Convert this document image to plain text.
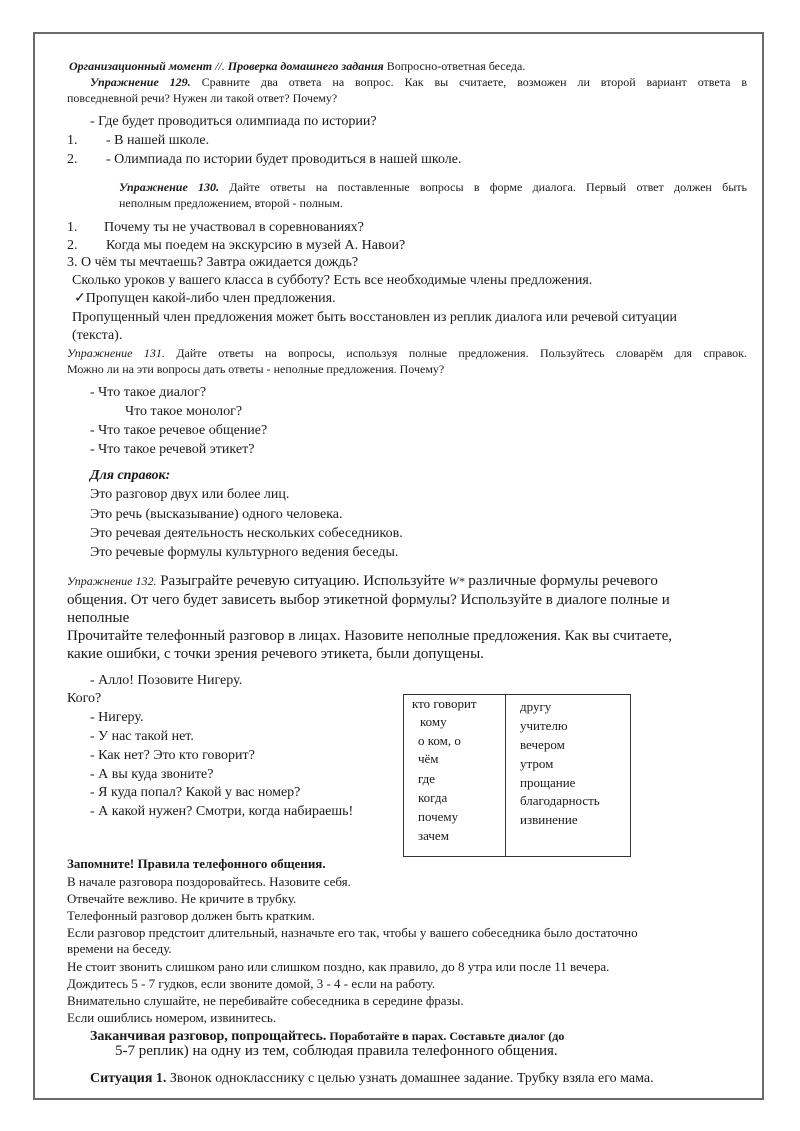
Организационный момент //. Проверка домашнего задания Вопросно-ответная беседа.
Упражнение 129. Сравните два ответа на вопрос. Как вы считаете, возможен ли второй вариант ответа в
повседневной речи? Нужен ли такой ответ? Почему?
- Где будет проводиться олимпиада по истории?
1. - В нашей школе.
2. - Олимпиада по истории будет проводиться в нашей школе.
Упражнение 130. Дайте ответы на поставленные вопросы в форме диалога. Первый ответ должен быть
неполным предложением, второй - полным.
1. Почему ты не участвовал в соревнованиях?
2. Когда мы поедем на экскурсию в музей А. Навои?
3. О чём ты мечтаешь? Завтра ожидается дождь?
Сколько уроков у вашего класса в субботу? Есть все необходимые члены предложения.
✓Пропущен какой-либо член предложения.
Пропущенный член предложения может быть восстановлен из реплик диалога или речевой ситуации
(текста).
Упражнение 131. Дайте ответы на вопросы, используя полные предложения. Пользуйтесь словарём для справок.
Можно ли на эти вопросы дать ответы - неполные предложения. Почему?
- Что такое диалог?
Что такое монолог?
- Что такое речевое общение?
- Что такое речевой этикет?
Для справок:
Это разговор двух или более лиц.
Это речь (высказывание) одного человека.
Это речевая деятельность нескольких собеседников.
Это речевые формулы культурного ведения беседы.
Упражнение 132. Разыграйте речевую ситуацию. Используйте W* различные формулы речевого
общения. От чего будет зависеть выбор этикетной формулы? Используйте в диалоге полные и
неполные
Прочитайте телефонный разговор в лицах. Назовите неполные предложения. Как вы считаете,
какие ошибки, с точки зрения речевого этикета, были допущены.
- Алло! Позовите Нигеру.
Кого?
- Нигеру.
- У нас такой нет.
- Как нет? Это кто говорит?
- А вы куда звоните?
- Я куда попал? Какой у вас номер?
- А какой нужен? Смотри, когда набираешь!
кто говорит
кому
о ком, о
чём
где
когда
почему
зачем
другу
учителю
вечером
утром
прощание
благодарность
извинение
Запомните! Правила телефонного общения.
В начале разговора поздоровайтесь. Назовите себя.
Отвечайте вежливо. Не кричите в трубку.
Телефонный разговор должен быть кратким.
Если разговор предстоит длительный, назначьте его так, чтобы у вашего собеседника было достаточно
времени на беседу.
Не стоит звонить слишком рано или слишком поздно, как правило, до 8 утра или после 11 вечера.
Дождитесь 5 - 7 гудков, если звоните домой, 3 - 4 - если на работу.
Внимательно слушайте, не перебивайте собеседника в середине фразы.
Если ошиблись номером, извинитесь.
Заканчивая разговор, попрощайтесь. Поработайте в парах. Составьте диалог (до
5-7 реплик) на одну из тем, соблюдая правила телефонного общения.
Ситуация 1. Звонок однокласснику с целью узнать домашнее задание. Трубку взяла его мама.
